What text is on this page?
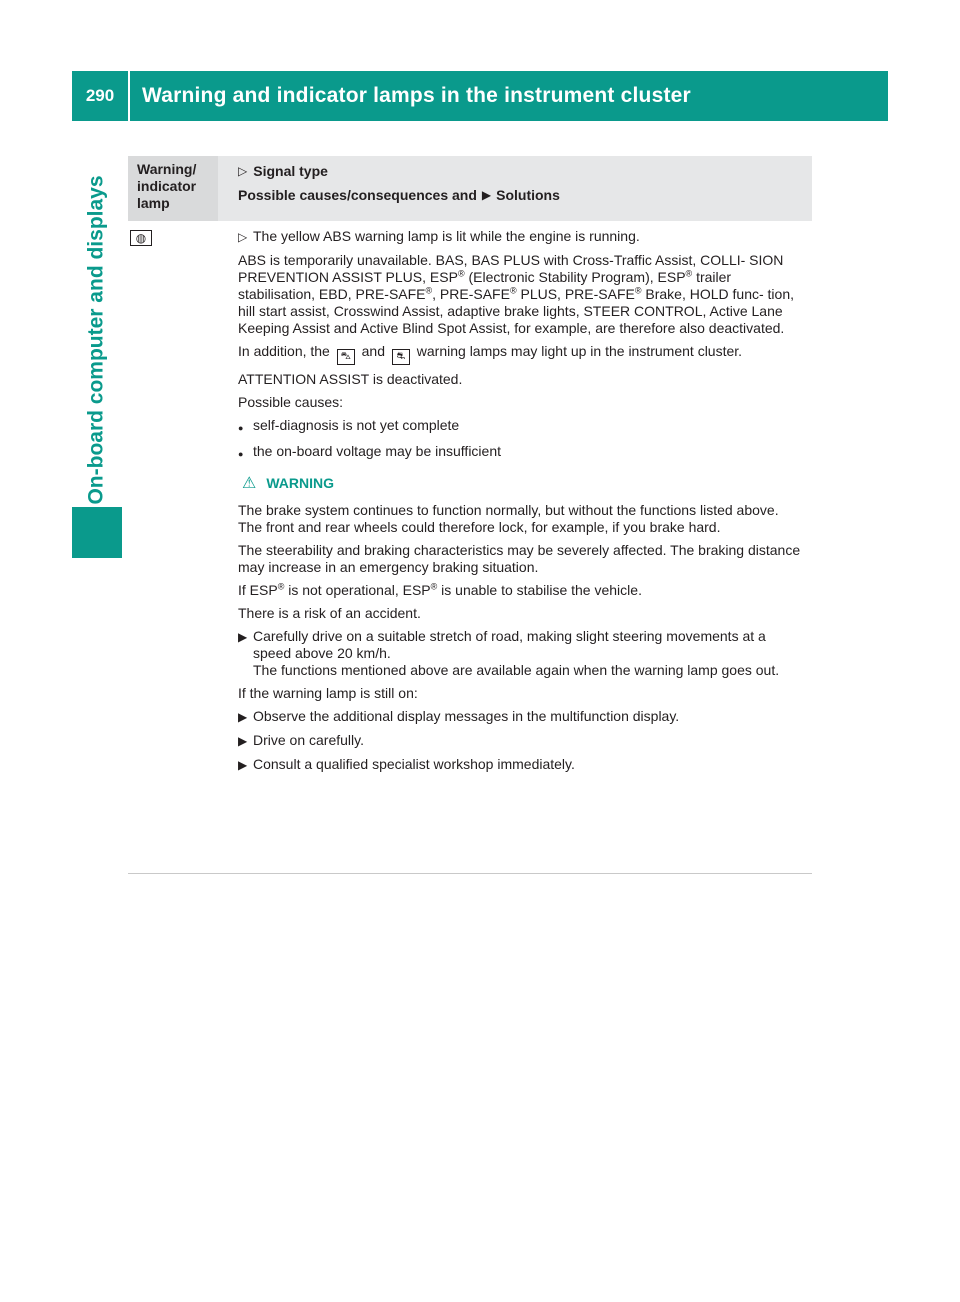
290	Warning and indicator lamps in the instrument cluster
On-board computer and displays
Warning/
indicator
lamp
▷ Signal type
Possible causes/consequences and ▶ Solutions
◍	▷ The yellow ABS warning lamp is lit while the engine is running.

ABS is temporarily unavailable. BAS, BAS PLUS with Cross-Traffic Assist, COLLI- SION PREVENTION ASSIST PLUS, ESP® (Electronic Stability Program), ESP® trailer stabilisation, EBD, PRE-SAFE®, PRE-SAFE® PLUS, PRE-SAFE® Brake, HOLD func- tion, hill start assist, Crosswind Assist, adaptive brake lights, STEER CONTROL, Active Lane Keeping Assist and Active Blind Spot Assist, for example, are therefore also deactivated.

In addition, the ⛍ and ⛐ warning lamps may light up in the instrument cluster.

ATTENTION ASSIST is deactivated.

Possible causes:

● self-diagnosis is not yet complete
● the on-board voltage may be insufficient
⚠ WARNING

The brake system continues to function normally, but without the functions listed above. The front and rear wheels could therefore lock, for example, if you brake hard.

The steerability and braking characteristics may be severely affected. The braking distance may increase in an emergency braking situation.

If ESP® is not operational, ESP® is unable to stabilise the vehicle.

There is a risk of an accident.

▶ Carefully drive on a suitable stretch of road, making slight steering movements at a speed above 20 km/h.
The functions mentioned above are available again when the warning lamp goes out.

If the warning lamp is still on:

▶ Observe the additional display messages in the multifunction display.
▶ Drive on carefully.
▶ Consult a qualified specialist workshop immediately.
